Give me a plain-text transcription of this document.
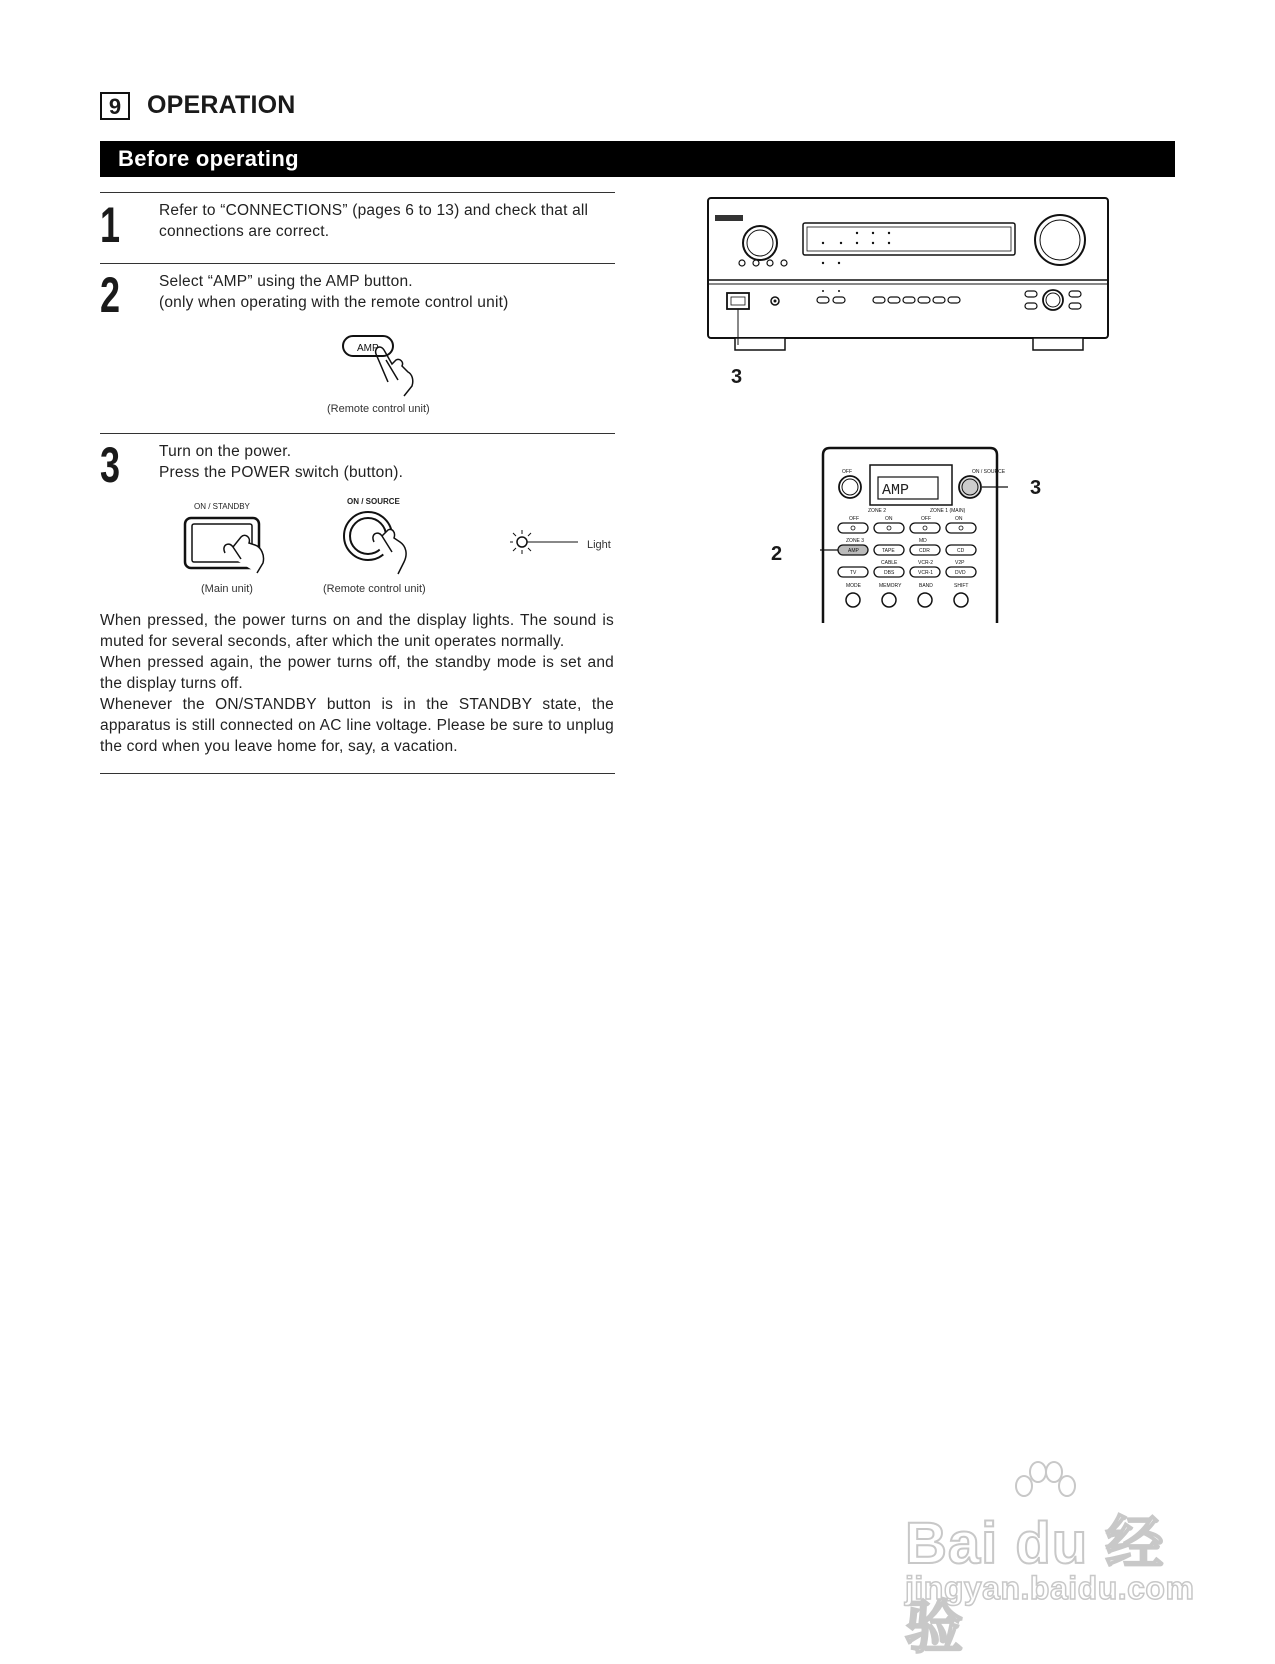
9	OPERATION
Before operating
1	Refer to “CONNECTIONS” (pages 6 to 13) and check that all
connections are correct.
2	Select “AMP” using the AMP button.
(only when operating with the remote control unit)
AMP
(Remote control unit)
3	Turn on the power.
Press the POWER switch (button).
ON / STANDBY
(Main unit)
ON / SOURCE
(Remote control unit)
Light

When pressed, the power turns on and the display lights. The sound is muted for several seconds, after which the unit operates normally.

When pressed again, the power turns off, the standby mode is set and the display turns off.

Whenever the ON/STANDBY button is in the STANDBY state, the apparatus is still connected on AC line voltage. Please be sure to unplug the cord when you leave home for, say, a vacation.

3
AMP
OFF	ON / SOURCE
ZONE 2	ZONE 1 (MAIN)
OFF	ON	OFF	ON
ZONE 3	MD
AMP	TAPE	CDR	CD
CABLE	VCR-2	V2P
TV	DBS	VCR-1	DVD
MODE	MEMORY	BAND	SHIFT
3
2
Bai du 经验
jingyan.baidu.com
